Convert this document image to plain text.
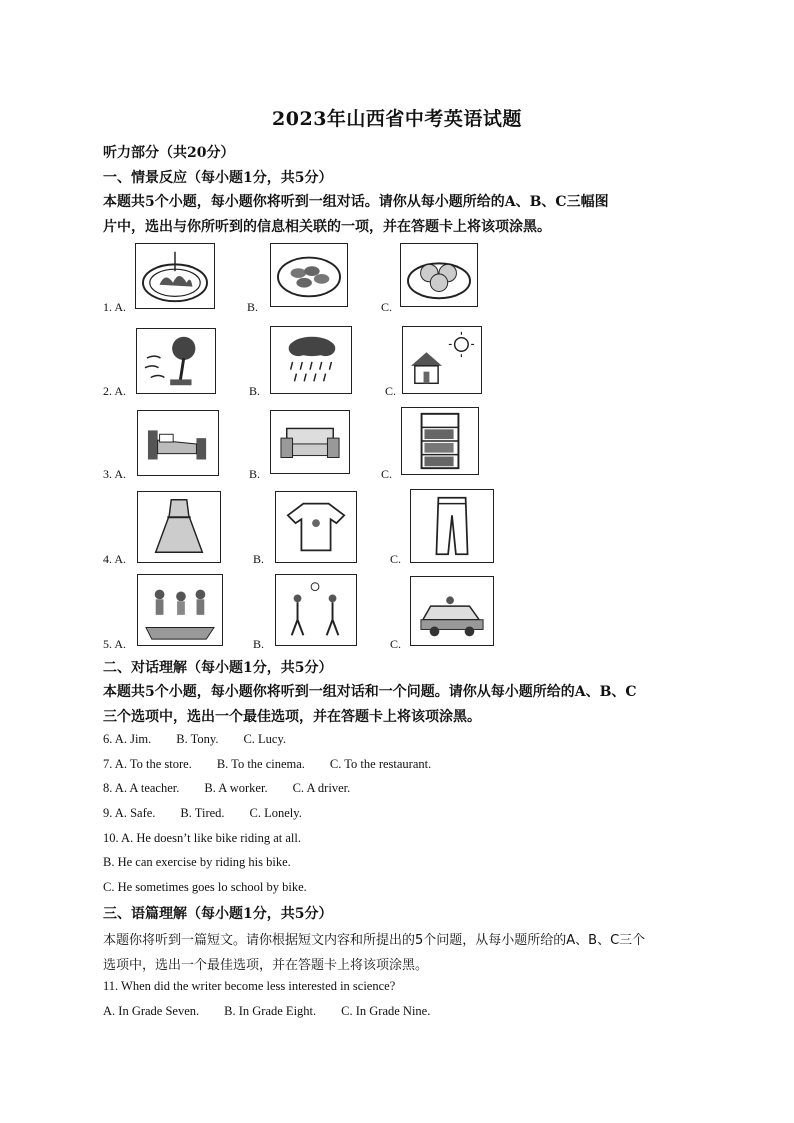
2023年山西省中考英语试题
听力部分（共20分）
一、情景反应（每小题1分，共5分）
本题共5个小题，每小题你将听到一组对话。请你从每小题所给的A、B、C三幅图
片中，选出与你所听到的信息相关联的一项，并在答题卡上将该项涂黑。
1. A.	B.	C.
2. A.	B.	C.
3. A.	B.	C.
4. A.	B.	C.
5. A.	B.	C.
二、对话理解（每小题1分，共5分）
本题共5个小题，每小题你将听到一组对话和一个问题。请你从每小题所给的A、B、C
三个选项中，选出一个最佳选项，并在答题卡上将该项涂黑。
6. A. Jim.        B. Tony.        C. Lucy.
7. A. To the store.        B. To the cinema.        C. To the restaurant.
8. A. A teacher.        B. A worker.        C. A driver.
9. A. Safe.        B. Tired.        C. Lonely.
10. A. He doesn’t like bike riding at all.
B. He can exercise by riding his bike.
C. He sometimes goes lo school by bike.
三、语篇理解（每小题1分，共5分）
本题你将听到一篇短文。请你根据短文内容和所提出的5个问题，从每小题所给的A、B、C三个
选项中，选出一个最佳选项，并在答题卡上将该项涂黑。
11. When did the writer become less interested in science?
A. In Grade Seven.        B. In Grade Eight.        C. In Grade Nine.
